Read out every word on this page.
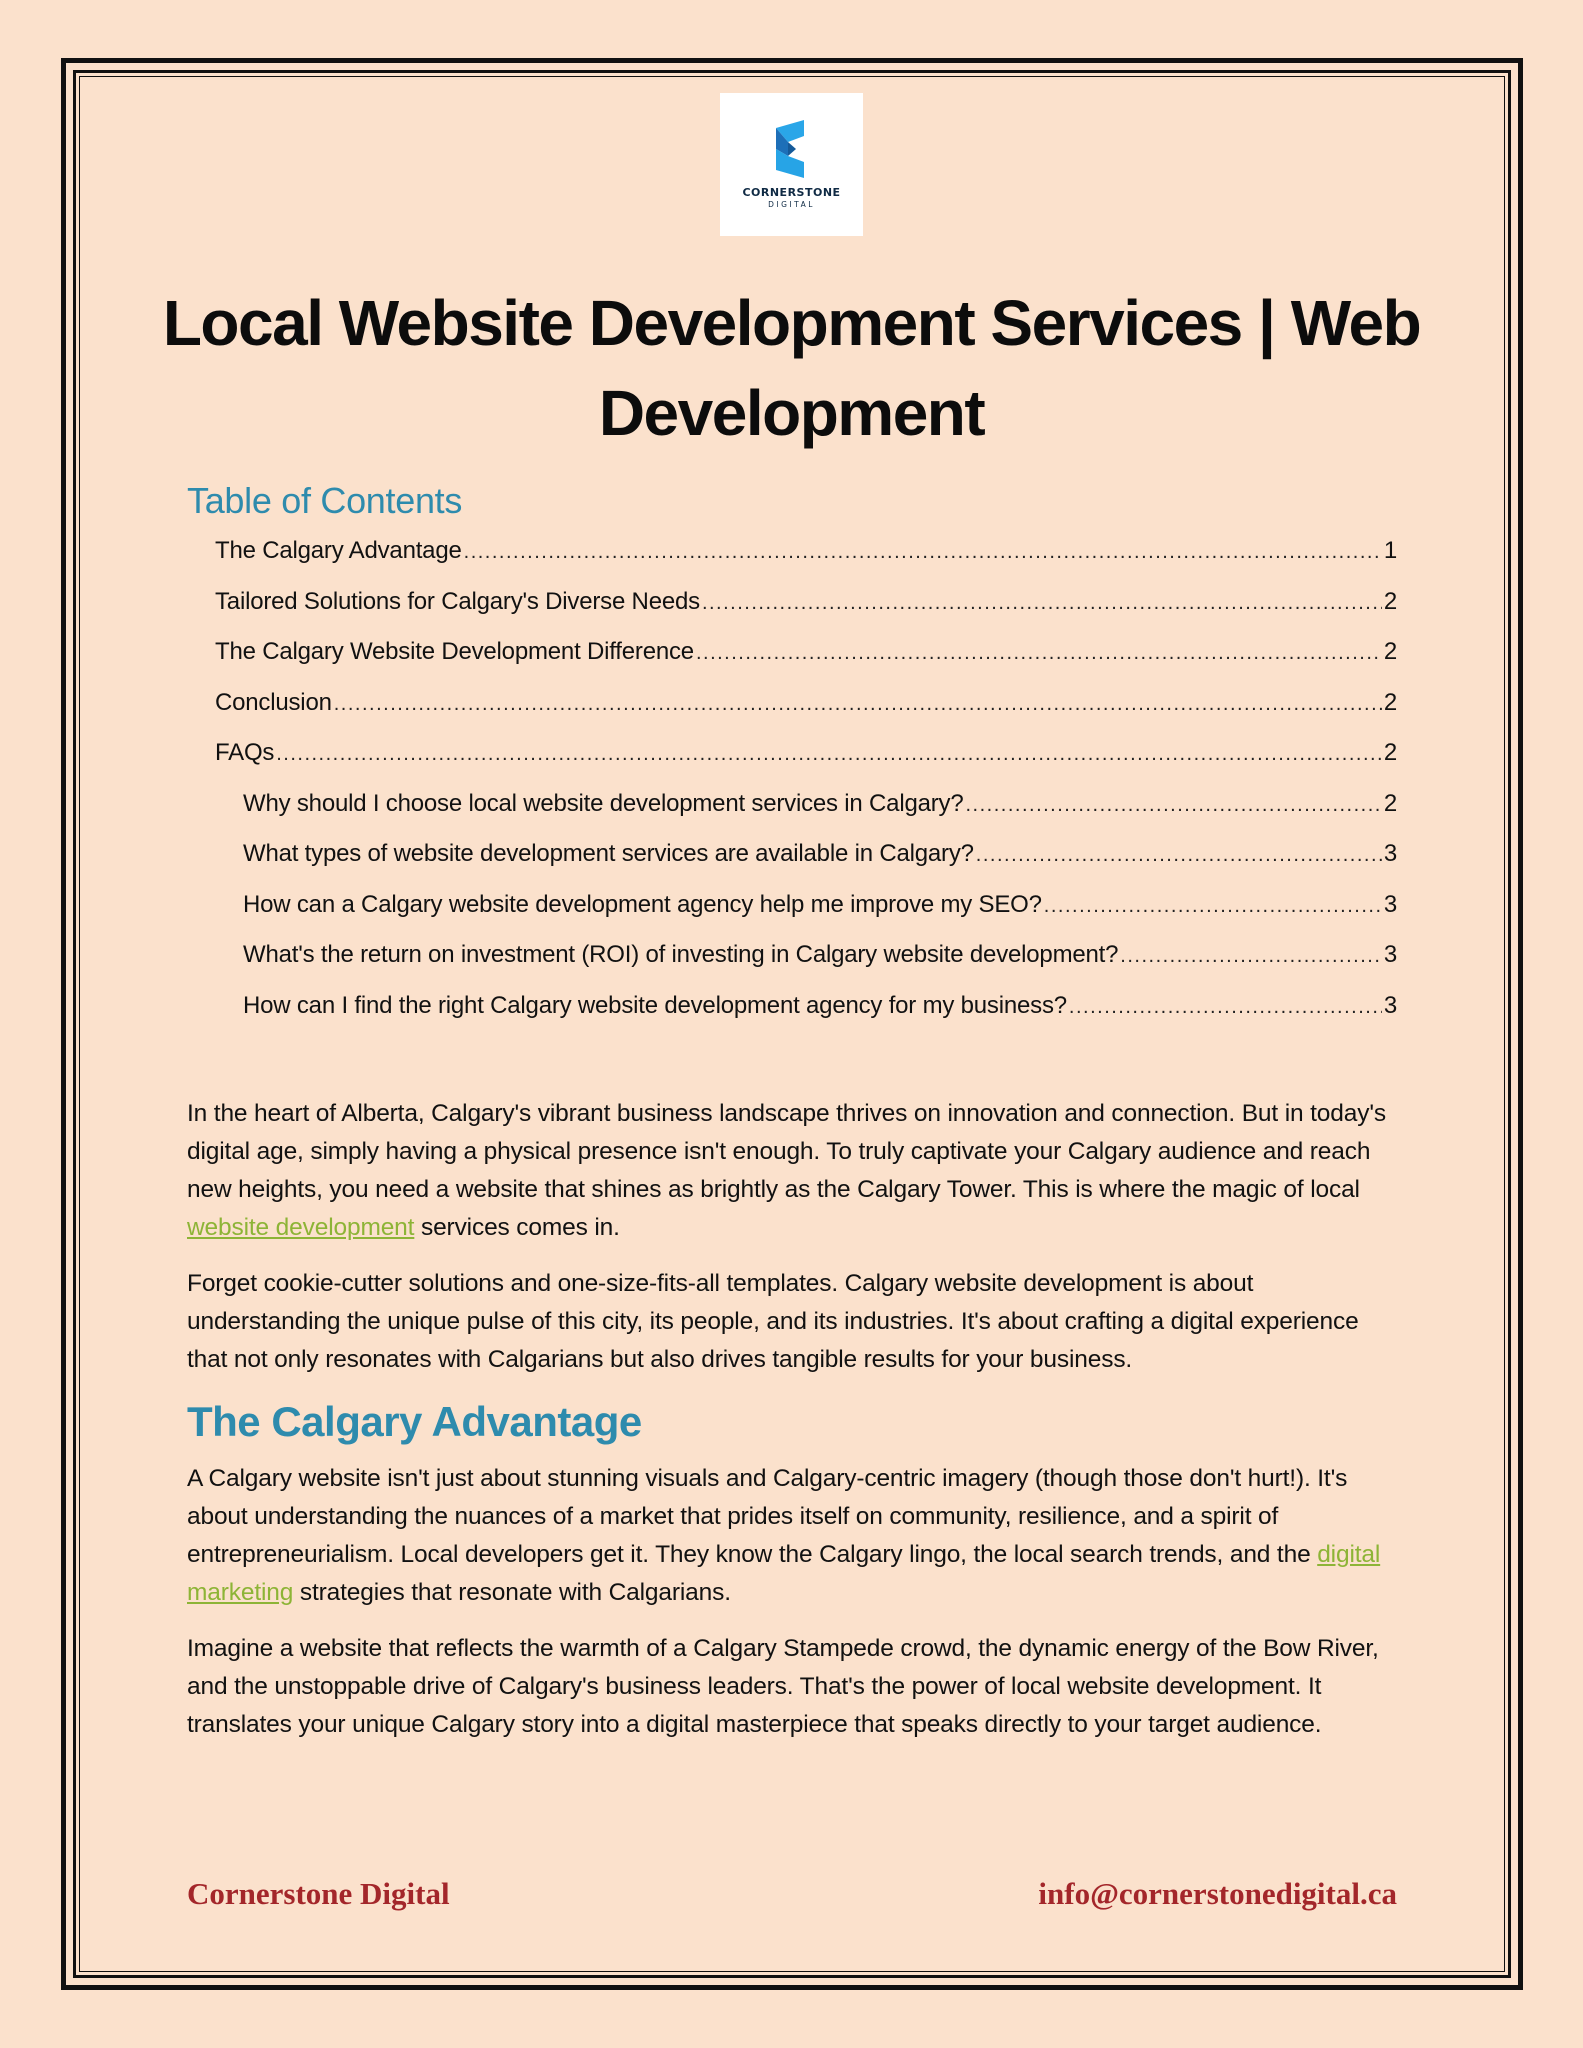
CORNERSTONE
DIGITAL
Local Website Development Services | Web Development
Table of Contents
The Calgary Advantage .....	1
Tailored Solutions for Calgary's Diverse Needs .....	2
The Calgary Website Development Difference .....	2
Conclusion .....	2
FAQs .....	2
Why should I choose local website development services in Calgary? .....	2
What types of website development services are available in Calgary? .....	3
How can a Calgary website development agency help me improve my SEO? .....	3
What's the return on investment (ROI) of investing in Calgary website development? .....	3
How can I find the right Calgary website development agency for my business? .....	3

In the heart of Alberta, Calgary's vibrant business landscape thrives on innovation and connection. But in today's digital age, simply having a physical presence isn't enough. To truly captivate your Calgary audience and reach new heights, you need a website that shines as brightly as the Calgary Tower. This is where the magic of local website development services comes in.

Forget cookie-cutter solutions and one-size-fits-all templates. Calgary website development is about understanding the unique pulse of this city, its people, and its industries. It's about crafting a digital experience that not only resonates with Calgarians but also drives tangible results for your business.

The Calgary Advantage

A Calgary website isn't just about stunning visuals and Calgary-centric imagery (though those don't hurt!). It's about understanding the nuances of a market that prides itself on community, resilience, and a spirit of entrepreneurialism. Local developers get it. They know the Calgary lingo, the local search trends, and the digital marketing strategies that resonate with Calgarians.

Imagine a website that reflects the warmth of a Calgary Stampede crowd, the dynamic energy of the Bow River, and the unstoppable drive of Calgary's business leaders. That's the power of local website development. It translates your unique Calgary story into a digital masterpiece that speaks directly to your target audience.

Cornerstone Digital	info@cornerstonedigital.ca
